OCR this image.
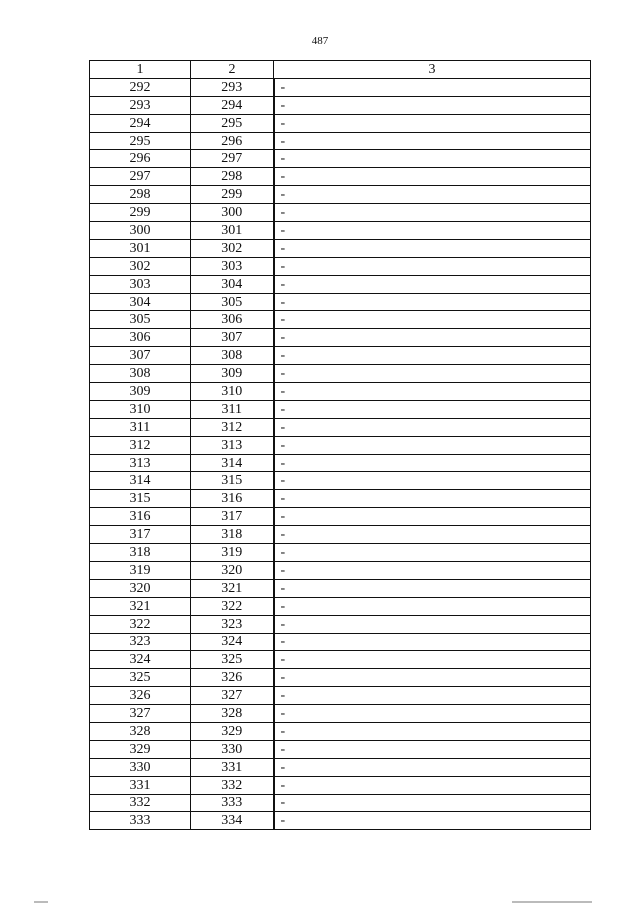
487
1	2	3
292	293	-
293	294	-
294	295	-
295	296	-
296	297	-
297	298	-
298	299	-
299	300	-
300	301	-
301	302	-
302	303	-
303	304	-
304	305	-
305	306	-
306	307	-
307	308	-
308	309	-
309	310	-
310	311	-
311	312	-
312	313	-
313	314	-
314	315	-
315	316	-
316	317	-
317	318	-
318	319	-
319	320	-
320	321	-
321	322	-
322	323	-
323	324	-
324	325	-
325	326	-
326	327	-
327	328	-
328	329	-
329	330	-
330	331	-
331	332	-
332	333	-
333	334	-
